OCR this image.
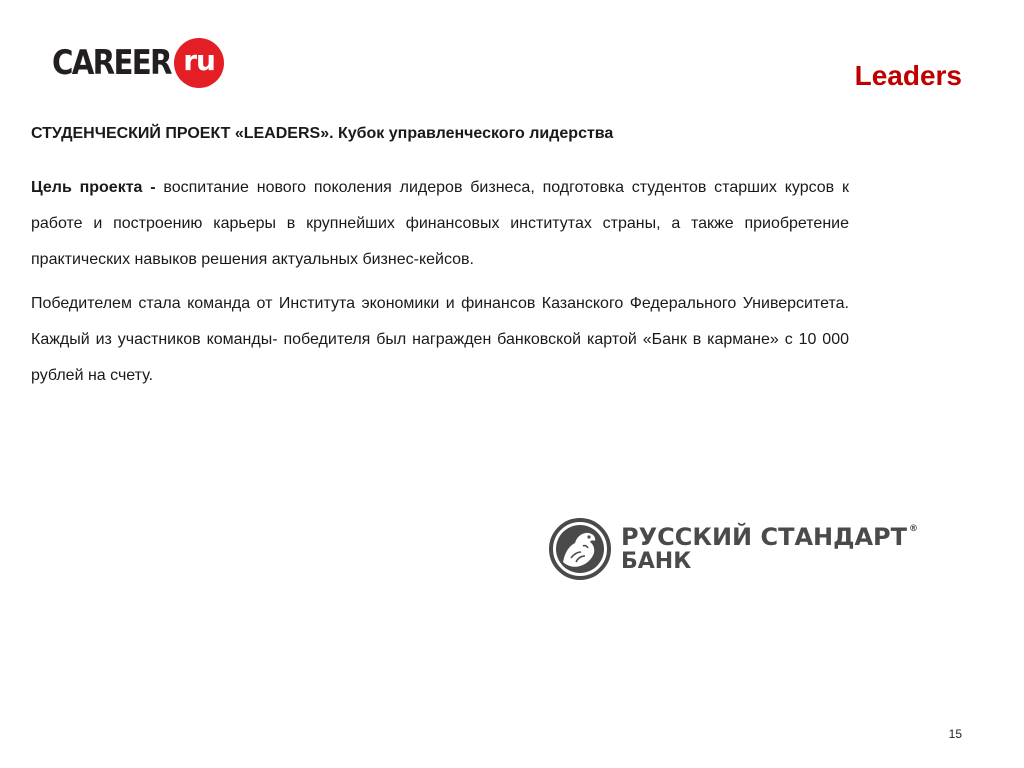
CAREER ru	Leaders

СТУДЕНЧЕСКИЙ ПРОЕКТ «LEADERS». Кубок управленческого лидерства

Цель проекта - воспитание нового поколения лидеров бизнеса, подготовка студентов старших курсов к работе и построению карьеры в крупнейших финансовых институтах страны, а также приобретение практических навыков решения актуальных бизнес-кейсов.

Победителем стала команда от Института экономики и финансов Казанского Федерального Университета. Каждый из участников команды- победителя был награжден банковской картой «Банк в кармане» с 10 000 рублей на счету.

РУССКИЙ СТАНДАРТ ®
БАНК
15
